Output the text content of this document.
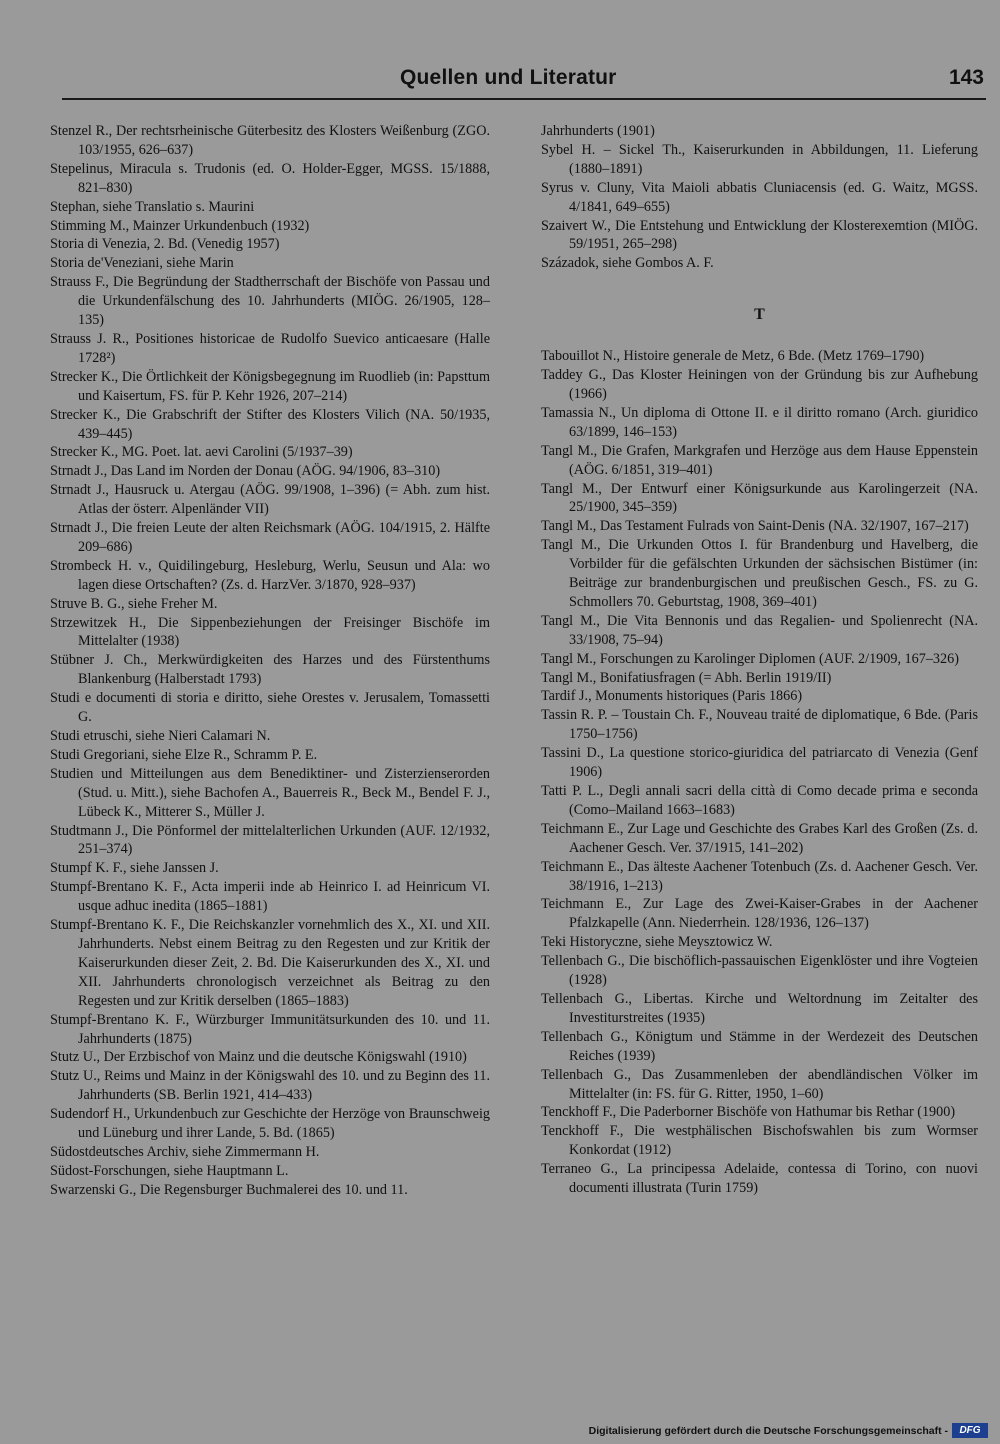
Quellen und Literatur	143

Stenzel R., Der rechtsrheinische Güterbesitz des Klosters Weißenburg (ZGO. 103/1955, 626–637)

Stepelinus, Miracula s. Trudonis (ed. O. Holder-Egger, MGSS. 15/1888, 821–830)

Stephan, siehe Translatio s. Maurini

Stimming M., Mainzer Urkundenbuch (1932)

Storia di Venezia, 2. Bd. (Venedig 1957)

Storia de'Veneziani, siehe Marin

Strauss F., Die Begründung der Stadtherrschaft der Bischöfe von Passau und die Urkundenfälschung des 10. Jahrhunderts (MIÖG. 26/1905, 128–135)

Strauss J. R., Positiones historicae de Rudolfo Suevico anticaesare (Halle 1728²)

Strecker K., Die Örtlichkeit der Königsbegegnung im Ruodlieb (in: Papsttum und Kaisertum, FS. für P. Kehr 1926, 207–214)

Strecker K., Die Grabschrift der Stifter des Klosters Vilich (NA. 50/1935, 439–445)

Strecker K., MG. Poet. lat. aevi Carolini (5/1937–39)

Strnadt J., Das Land im Norden der Donau (AÖG. 94/1906, 83–310)

Strnadt J., Hausruck u. Atergau (AÖG. 99/1908, 1–396) (= Abh. zum hist. Atlas der österr. Alpenländer VII)

Strnadt J., Die freien Leute der alten Reichsmark (AÖG. 104/1915, 2. Hälfte 209–686)

Strombeck H. v., Quidilingeburg, Hesleburg, Werlu, Seusun und Ala: wo lagen diese Ortschaften? (Zs. d. HarzVer. 3/1870, 928–937)

Struve B. G., siehe Freher M.

Strzewitzek H., Die Sippenbeziehungen der Freisinger Bischöfe im Mittelalter (1938)

Stübner J. Ch., Merkwürdigkeiten des Harzes und des Fürstenthums Blankenburg (Halberstadt 1793)

Studi e documenti di storia e diritto, siehe Orestes v. Jerusalem, Tomassetti G.

Studi etruschi, siehe Nieri Calamari N.

Studi Gregoriani, siehe Elze R., Schramm P. E.

Studien und Mitteilungen aus dem Benediktiner- und Zisterzienserorden (Stud. u. Mitt.), siehe Bachofen A., Bauerreis R., Beck M., Bendel F. J., Lübeck K., Mitterer S., Müller J.

Studtmann J., Die Pönformel der mittelalterlichen Urkunden (AUF. 12/1932, 251–374)

Stumpf K. F., siehe Janssen J.

Stumpf-Brentano K. F., Acta imperii inde ab Heinrico I. ad Heinricum VI. usque adhuc inedita (1865–1881)

Stumpf-Brentano K. F., Die Reichskanzler vornehmlich des X., XI. und XII. Jahrhunderts. Nebst einem Beitrag zu den Regesten und zur Kritik der Kaiserurkunden dieser Zeit, 2. Bd. Die Kaiserurkunden des X., XI. und XII. Jahrhunderts chronologisch verzeichnet als Beitrag zu den Regesten und zur Kritik derselben (1865–1883)

Stumpf-Brentano K. F., Würzburger Immunitätsurkunden des 10. und 11. Jahrhunderts (1875)

Stutz U., Der Erzbischof von Mainz und die deutsche Königswahl (1910)

Stutz U., Reims und Mainz in der Königswahl des 10. und zu Beginn des 11. Jahrhunderts (SB. Berlin 1921, 414–433)

Sudendorf H., Urkundenbuch zur Geschichte der Herzöge von Braunschweig und Lüneburg und ihrer Lande, 5. Bd. (1865)

Südostdeutsches Archiv, siehe Zimmermann H.

Südost-Forschungen, siehe Hauptmann L.

Swarzenski G., Die Regensburger Buchmalerei des 10. und 11.

Jahrhunderts (1901)

Sybel H. – Sickel Th., Kaiserurkunden in Abbildungen, 11. Lieferung (1880–1891)

Syrus v. Cluny, Vita Maioli abbatis Cluniacensis (ed. G. Waitz, MGSS. 4/1841, 649–655)

Szaivert W., Die Entstehung und Entwicklung der Klosterexemtion (MIÖG. 59/1951, 265–298)

Századok, siehe Gombos A. F.

T

Tabouillot N., Histoire generale de Metz, 6 Bde. (Metz 1769–1790)

Taddey G., Das Kloster Heiningen von der Gründung bis zur Aufhebung (1966)

Tamassia N., Un diploma di Ottone II. e il diritto romano (Arch. giuridico 63/1899, 146–153)

Tangl M., Die Grafen, Markgrafen und Herzöge aus dem Hause Eppenstein (AÖG. 6/1851, 319–401)

Tangl M., Der Entwurf einer Königsurkunde aus Karolingerzeit (NA. 25/1900, 345–359)

Tangl M., Das Testament Fulrads von Saint-Denis (NA. 32/1907, 167–217)

Tangl M., Die Urkunden Ottos I. für Brandenburg und Havelberg, die Vorbilder für die gefälschten Urkunden der sächsischen Bistümer (in: Beiträge zur brandenburgischen und preußischen Gesch., FS. zu G. Schmollers 70. Geburtstag, 1908, 369–401)

Tangl M., Die Vita Bennonis und das Regalien- und Spolienrecht (NA. 33/1908, 75–94)

Tangl M., Forschungen zu Karolinger Diplomen (AUF. 2/1909, 167–326)

Tangl M., Bonifatiusfragen (= Abh. Berlin 1919/II)

Tardif J., Monuments historiques (Paris 1866)

Tassin R. P. – Toustain Ch. F., Nouveau traité de diplomatique, 6 Bde. (Paris 1750–1756)

Tassini D., La questione storico-giuridica del patriarcato di Venezia (Genf 1906)

Tatti P. L., Degli annali sacri della città di Como decade prima e seconda (Como–Mailand 1663–1683)

Teichmann E., Zur Lage und Geschichte des Grabes Karl des Großen (Zs. d. Aachener Gesch. Ver. 37/1915, 141–202)

Teichmann E., Das älteste Aachener Totenbuch (Zs. d. Aachener Gesch. Ver. 38/1916, 1–213)

Teichmann E., Zur Lage des Zwei-Kaiser-Grabes in der Aachener Pfalzkapelle (Ann. Niederrhein. 128/1936, 126–137)

Teki Historyczne, siehe Meysztowicz W.

Tellenbach G., Die bischöflich-passauischen Eigenklöster und ihre Vogteien (1928)

Tellenbach G., Libertas. Kirche und Weltordnung im Zeitalter des Investiturstreites (1935)

Tellenbach G., Königtum und Stämme in der Werdezeit des Deutschen Reiches (1939)

Tellenbach G., Das Zusammenleben der abendländischen Völker im Mittelalter (in: FS. für G. Ritter, 1950, 1–60)

Tenckhoff F., Die Paderborner Bischöfe von Hathumar bis Rethar (1900)

Tenckhoff F., Die westphälischen Bischofswahlen bis zum Wormser Konkordat (1912)

Terraneo G., La principessa Adelaide, contessa di Torino, con nuovi documenti illustrata (Turin 1759)

Digitalisierung gefördert durch die Deutsche Forschungsgemeinschaft -	DFG
